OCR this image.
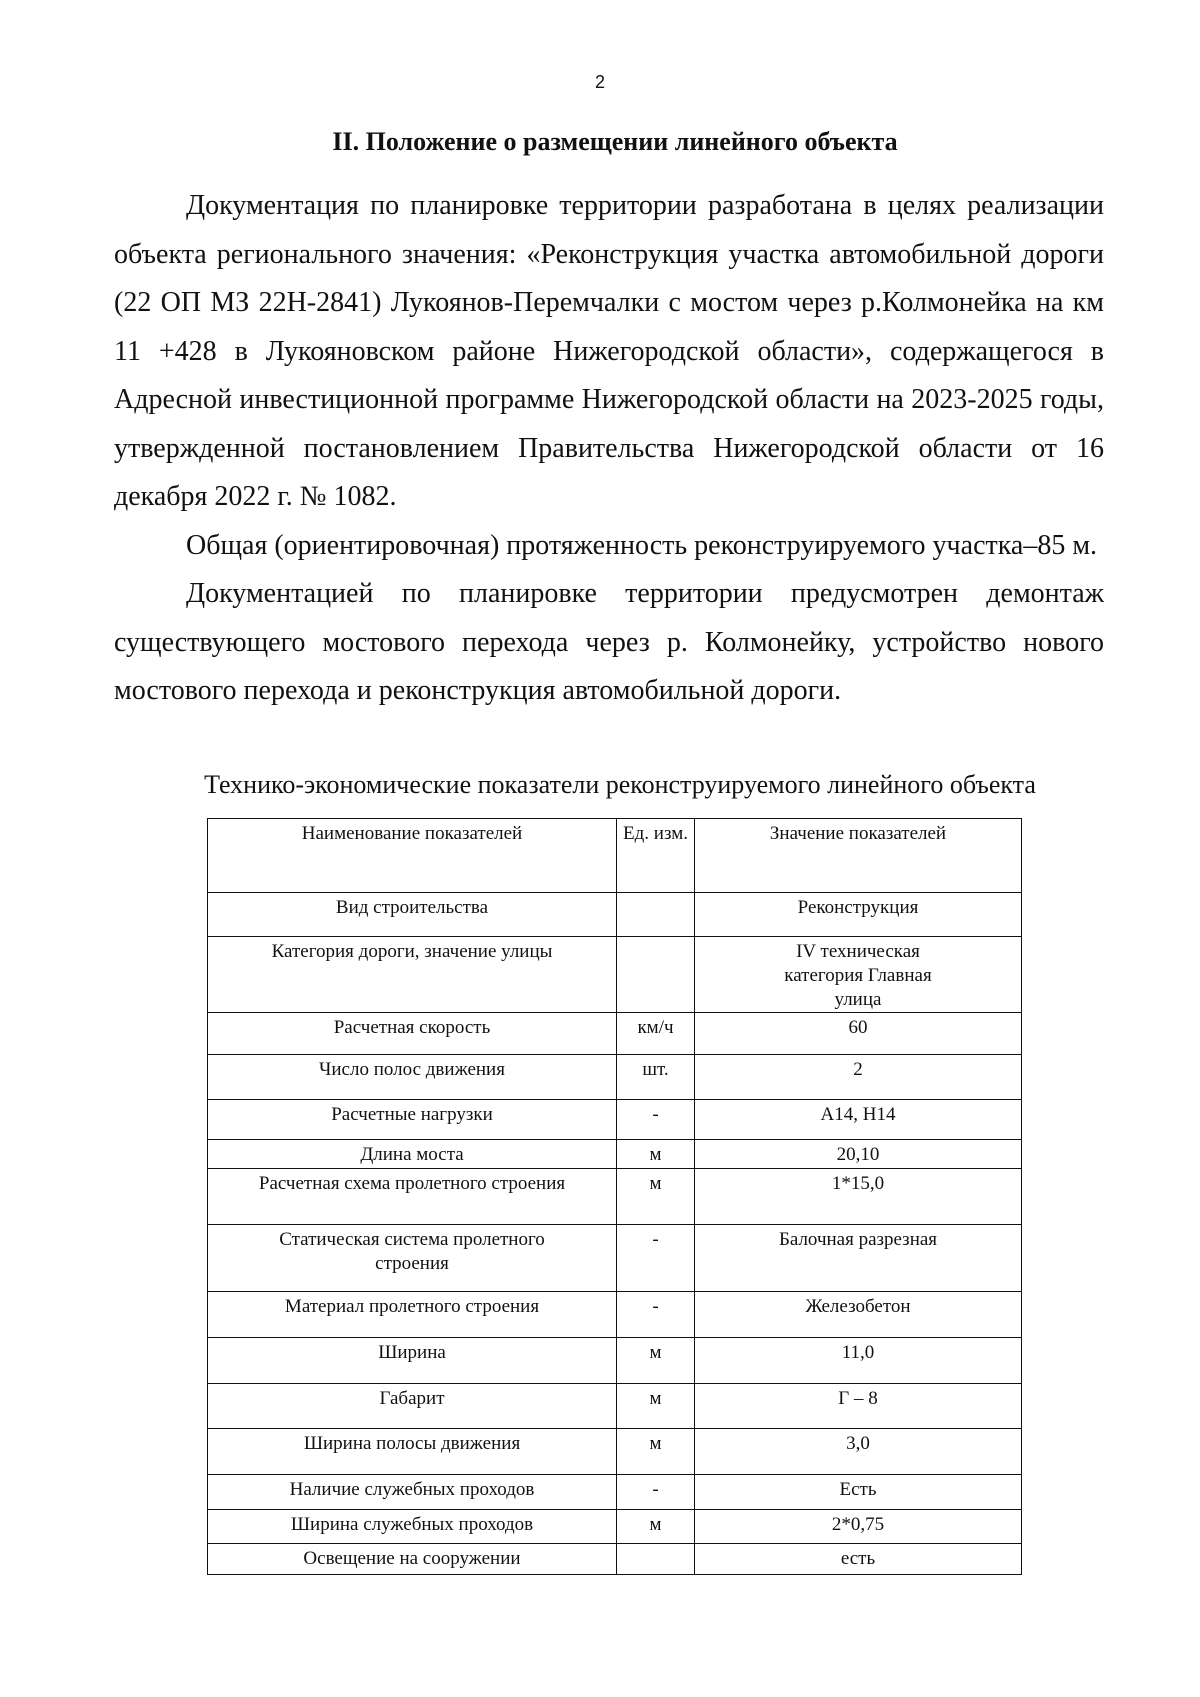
2
II. Положение о размещении линейного объекта

Документация по планировке территории разработана в целях реализации объекта регионального значения: «Реконструкция участка автомобильной дороги (22 ОП МЗ 22Н-2841) Лукоянов-Перемчалки с мостом через р.Колмонейка на км 11 +428 в Лукояновском районе Нижегородской области», содержащегося в Адресной инвестиционной программе Нижегородской области на 2023-2025 годы, утвержденной постановлением Правительства Нижегородской области от 16 декабря 2022 г. № 1082.

Общая (ориентировочная) протяженность реконструируемого участка–85 м.

Документацией по планировке территории предусмотрен демонтаж существующего мостового перехода через р. Колмонейку, устройство нового мостового перехода и реконструкция автомобильной дороги.

Технико-экономические показатели реконструируемого линейного объекта
Наименование показателей	Ед. изм.	Значение показателей
Вид строительства		Реконструкция
Категория дороги, значение улицы		IV техническая категория Главная улица
Расчетная скорость	км/ч	60
Число полос движения	шт.	2
Расчетные нагрузки	-	А14, Н14
Длина моста	м	20,10
Расчетная схема пролетного строения	м	1*15,0
Статическая система пролетного строения	-	Балочная разрезная
Материал пролетного строения	-	Железобетон
Ширина	м	11,0
Габарит	м	Г – 8
Ширина полосы движения	м	3,0
Наличие служебных проходов	-	Есть
Ширина служебных проходов	м	2*0,75
Освещение на сооружении		есть
